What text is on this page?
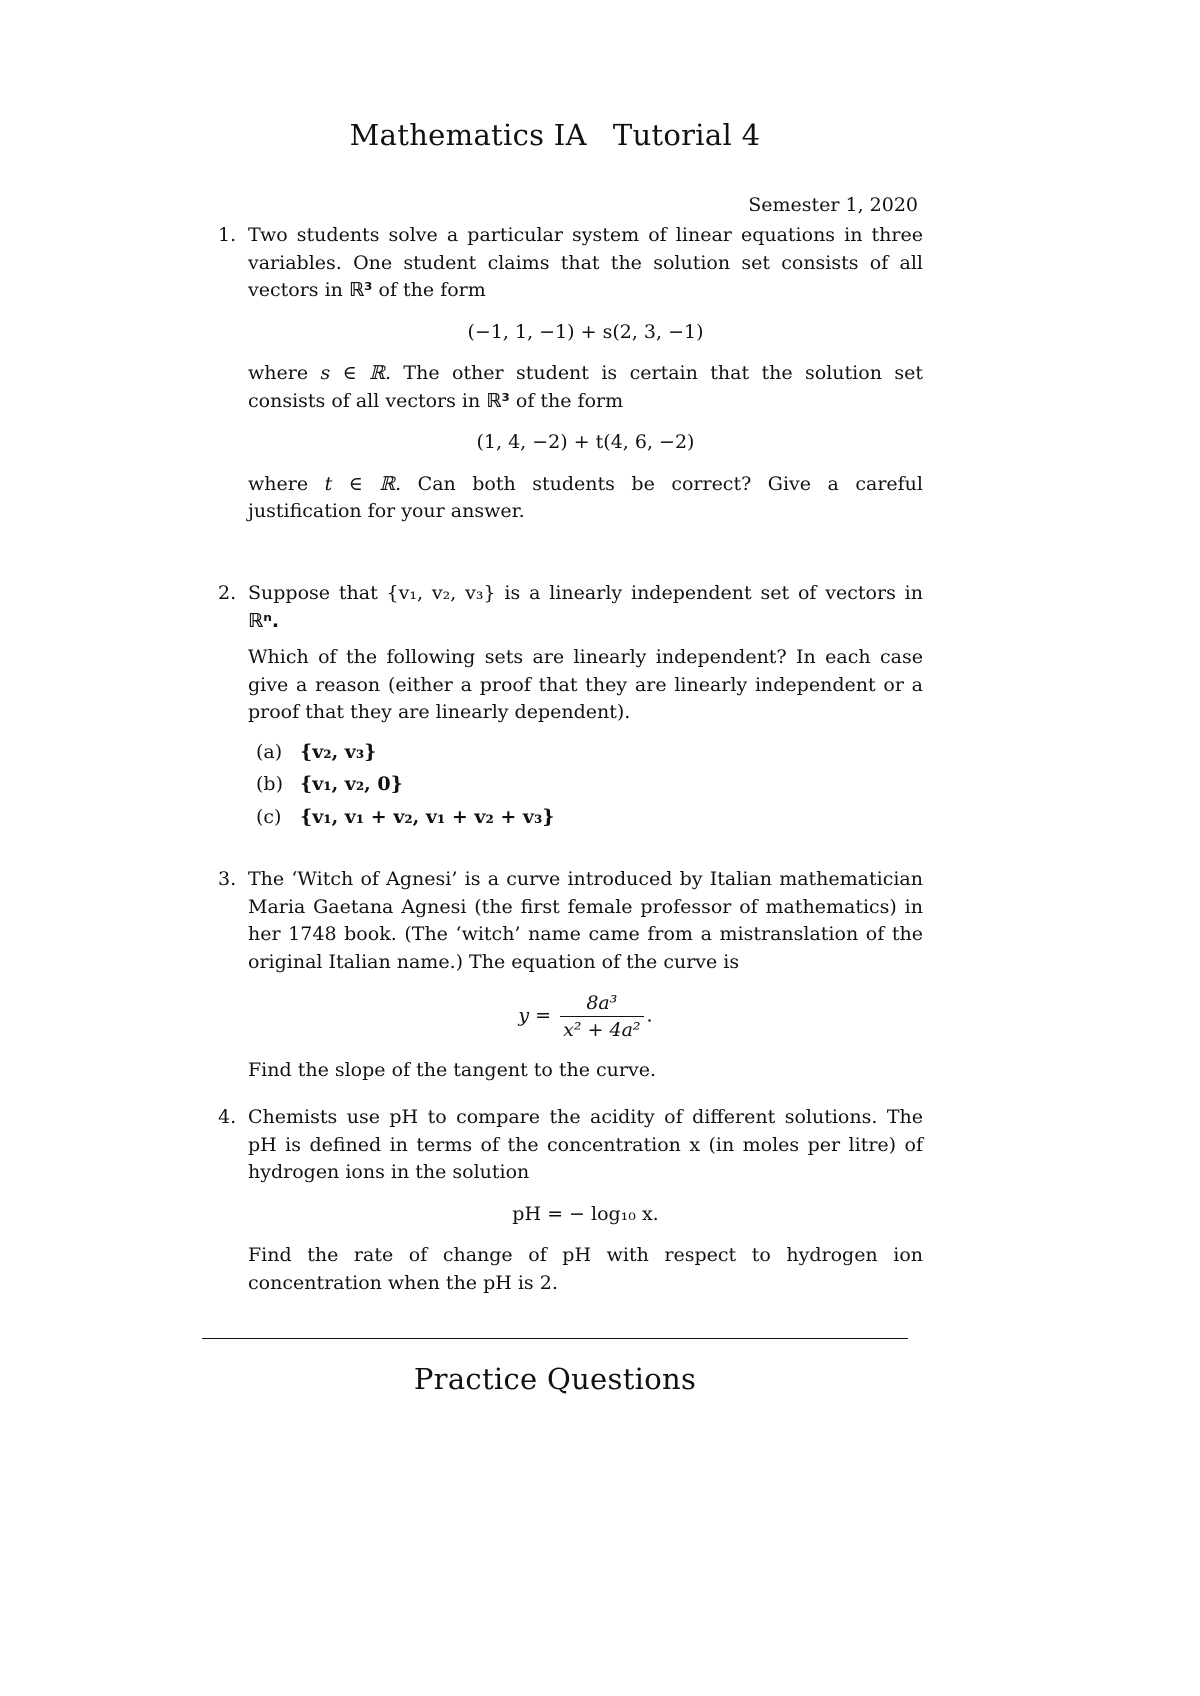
Mathematics IA Tutorial 4
Semester 1, 2020
1. Two students solve a particular system of linear equations in three variables. One student claims that the solution set consists of all vectors in ℝ³ of the form

(−1, 1, −1) + s(2, 3, −1)

where s ∈ ℝ. The other student is certain that the solution set consists of all vectors in ℝ³ of the form

(1, 4, −2) + t(4, 6, −2)

where t ∈ ℝ. Can both students be correct? Give a careful justification for your answer.

2. Suppose that {v₁, v₂, v₃} is a linearly independent set of vectors in ℝⁿ.

Which of the following sets are linearly independent? In each case give a reason (either a proof that they are linearly independent or a proof that they are linearly dependent).

(a) {v₂, v₃}
(b) {v₁, v₂, 0}
(c) {v₁, v₁ + v₂, v₁ + v₂ + v₃}
3. The ‘Witch of Agnesi’ is a curve introduced by Italian mathematician Maria Gaetana Agnesi (the first female professor of mathematics) in her 1748 book. (The ‘witch’ name came from a mistranslation of the original Italian name.) The equation of the curve is

$y = \frac{\text{8a³}}{\text{x² + 4a²}}$ .

Find the slope of the tangent to the curve.

4. Chemists use pH to compare the acidity of different solutions. The pH is defined in terms of the concentration x (in moles per litre) of hydrogen ions in the solution

pH = − log₁₀ x.

Find the rate of change of pH with respect to hydrogen ion concentration when the pH is 2.

Practice Questions
